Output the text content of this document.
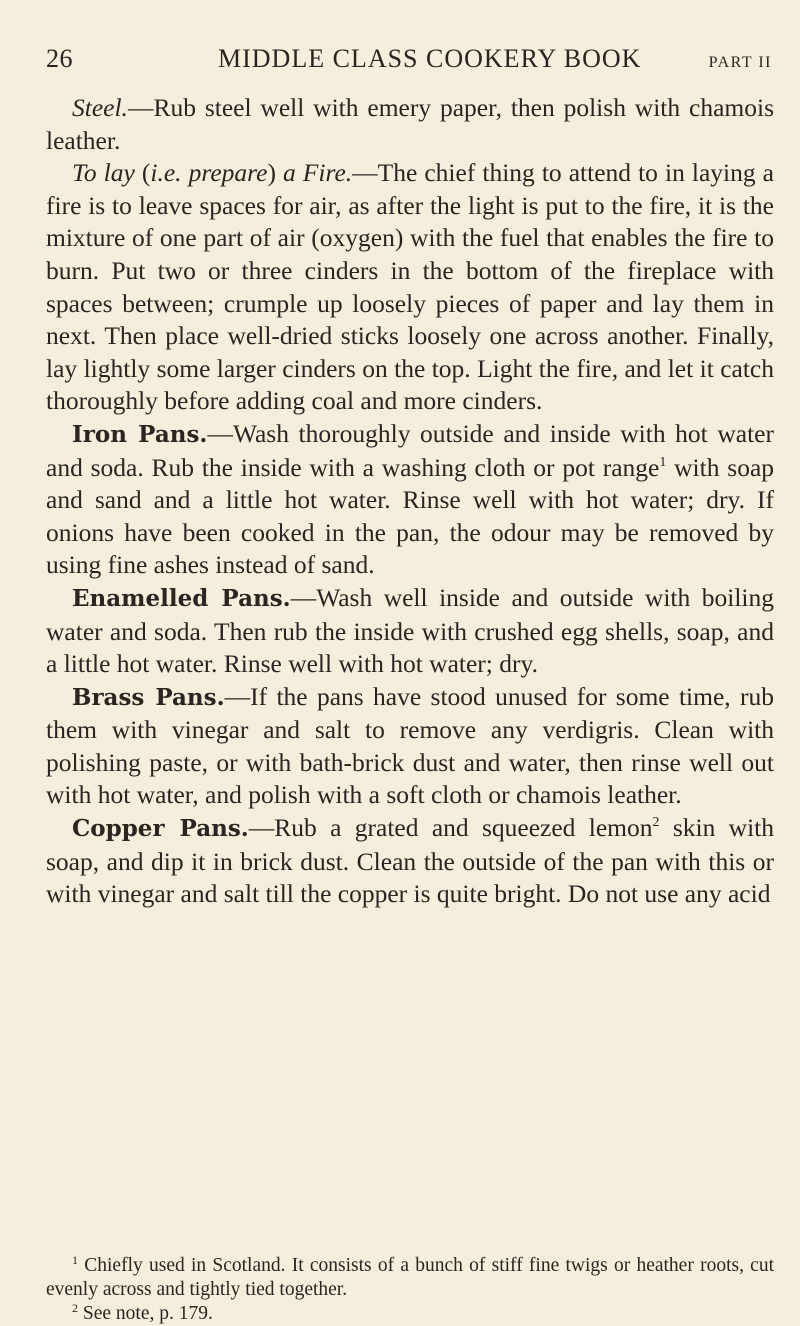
26	MIDDLE CLASS COOKERY BOOK	PART II

Steel.—Rub steel well with emery paper, then polish with chamois leather.

To lay (i.e. prepare) a Fire.—The chief thing to attend to in laying a fire is to leave spaces for air, as after the light is put to the fire, it is the mixture of one part of air (oxygen) with the fuel that enables the fire to burn. Put two or three cinders in the bottom of the fireplace with spaces between; crumple up loosely pieces of paper and lay them in next. Then place well-dried sticks loosely one across another. Finally, lay lightly some larger cinders on the top. Light the fire, and let it catch thoroughly before adding coal and more cinders.

Iron Pans.—Wash thoroughly outside and inside with hot water and soda. Rub the inside with a washing cloth or pot range$^1$ with soap and sand and a little hot water. Rinse well with hot water; dry. If onions have been cooked in the pan, the odour may be removed by using fine ashes instead of sand.

Enamelled Pans.—Wash well inside and outside with boiling water and soda. Then rub the inside with crushed egg shells, soap, and a little hot water. Rinse well with hot water; dry.

Brass Pans.—If the pans have stood unused for some time, rub them with vinegar and salt to remove any verdigris. Clean with polishing paste, or with bath-brick dust and water, then rinse well out with hot water, and polish with a soft cloth or chamois leather.

Copper Pans.—Rub a grated and squeezed lemon$^2$ skin with soap, and dip it in brick dust. Clean the outside of the pan with this or with vinegar and salt till the copper is quite bright. Do not use any acid

$^1$ Chiefly used in Scotland. It consists of a bunch of stiff fine twigs or heather roots, cut evenly across and tightly tied together.

$^2$ See note, p. 179.
